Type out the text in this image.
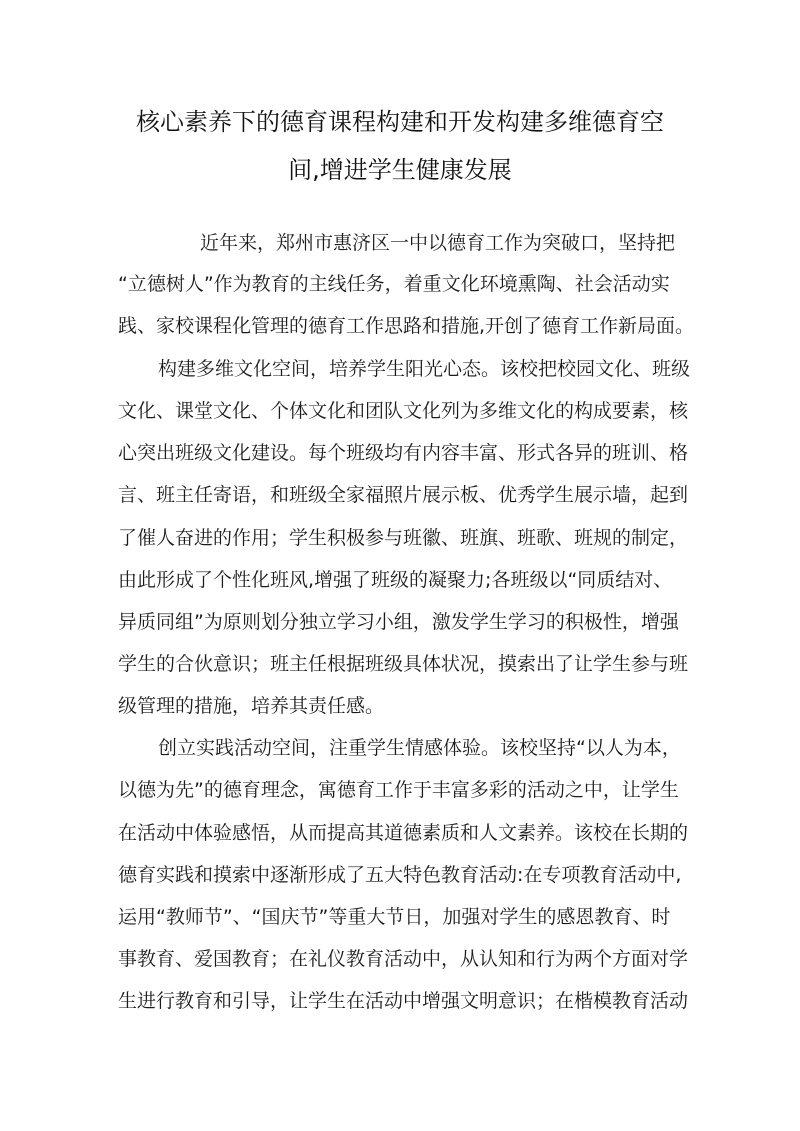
核心素养下的德育课程构建和开发构建多维德育空
间,增进学生健康发展
近年来，郑州市惠济区一中以德育工作为突破口，坚持把
“立德树人”作为教育的主线任务，着重文化环境熏陶、社会活动实
践、家校课程化管理的德育工作思路和措施,开创了德育工作新局面。
构建多维文化空间，培养学生阳光心态。该校把校园文化、班级
文化、课堂文化、个体文化和团队文化列为多维文化的构成要素，核
心突出班级文化建设。每个班级均有内容丰富、形式各异的班训、格
言、班主任寄语，和班级全家福照片展示板、优秀学生展示墙，起到
了催人奋进的作用；学生积极参与班徽、班旗、班歌、班规的制定，
由此形成了个性化班风,增强了班级的凝聚力;各班级以“同质结对、
异质同组”为原则划分独立学习小组，激发学生学习的积极性，增强
学生的合伙意识；班主任根据班级具体状况，摸索出了让学生参与班
级管理的措施，培养其责任感。
创立实践活动空间，注重学生情感体验。该校坚持“以人为本，
以德为先”的德育理念，寓德育工作于丰富多彩的活动之中，让学生
在活动中体验感悟，从而提高其道德素质和人文素养。该校在长期的
德育实践和摸索中逐渐形成了五大特色教育活动:在专项教育活动中,
运用“教师节”、“国庆节”等重大节日，加强对学生的感恩教育、时
事教育、爱国教育；在礼仪教育活动中，从认知和行为两个方面对学
生进行教育和引导，让学生在活动中增强文明意识；在楷模教育活动
